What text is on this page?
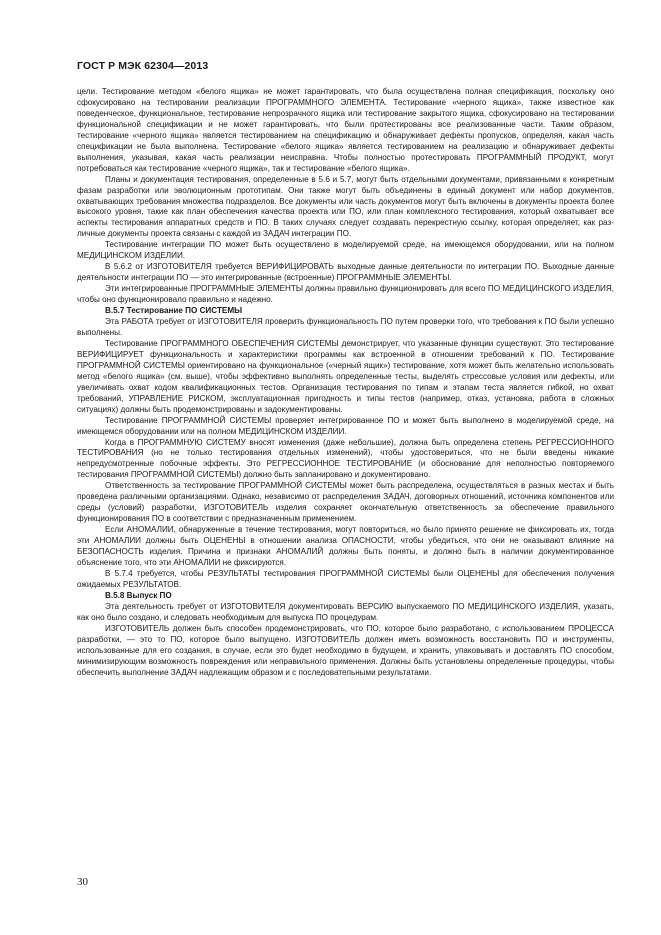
ГОСТ Р МЭК 62304—2013

цели. Тестирование методом «белого ящика» не может гарантировать, что была осуществлена полная спецификация, поскольку оно сфокусировано на тестировании реализации ПРОГРАММНОГО ЭЛЕМЕНТА. Тестирование «черного ящика», также известное как поведенческое, функциональное, тестирование непрозрачного ящика или тестирование закрытого ящика, сфокусировано на тестировании функциональной спецификации и не может гарантировать, что были протестированы все реализованные части. Таким образом, тестирование «черного ящика» является тестированием на спецификацию и обнаруживает дефекты пропусков, определяя, какая часть спецификации не была выполнена. Тестирование «белого ящика» является тестированием на реализацию и обнаруживает дефекты выполнения, указывая, какая часть реализации неисправна. Чтобы полностью протестировать ПРОГРАММНЫЙ ПРОДУКТ, могут потребоваться как тестирование «черного ящика», так и тестирование «белого ящика».

Планы и документация тестирования, определенные в 5.6 и 5.7, могут быть отдельными документами, привязанными к конкретным фазам разработки или эволюционным прототипам. Они также могут быть объединены в единый документ или набор документов, охватывающих требования множества подразделов. Все документы или часть документов могут быть включены в документы проекта более высокого уровня, такие как план обеспечения качества проекта или ПО, или план комплексного тестирования, который охватывает все аспекты тестирования аппаратных средств и ПО. В таких случаях следует создавать перекрестную ссылку, которая определяет, как различные документы проекта связаны с каждой из ЗАДАЧ интеграции ПО.

Тестирование интеграции ПО может быть осуществлено в моделируемой среде, на имеющемся оборудовании, или на полном МЕДИЦИНСКОМ ИЗДЕЛИИ.

В 5.6.2 от ИЗГОТОВИТЕЛЯ требуется ВЕРИФИЦИРОВАТЬ выходные данные деятельности по интеграции ПО. Выходные данные деятельности интеграции ПО — это интегрированные (встроенные) ПРОГРАММНЫЕ ЭЛЕМЕНТЫ.

Эти интегрированные ПРОГРАММНЫЕ ЭЛЕМЕНТЫ должны правильно функционировать для всего ПО МЕДИЦИНСКОГО ИЗДЕЛИЯ, чтобы оно функционировало правильно и надежно.

В.5.7 Тестирование ПО СИСТЕМЫ

Эта РАБОТА требует от ИЗГОТОВИТЕЛЯ проверить функциональность ПО путем проверки того, что требования к ПО были успешно выполнены.

Тестирование ПРОГРАММНОГО ОБЕСПЕЧЕНИЯ СИСТЕМЫ демонстрирует, что указанные функции существуют. Это тестирование ВЕРИФИЦИРУЕТ функциональность и характеристики программы как встроенной в отношении требований к ПО. Тестирование ПРОГРАММНОЙ СИСТЕМЫ ориентировано на функциональное («черный ящик») тестирование, хотя может быть желательно использовать метод «белого ящика» (см. выше), чтобы эффективно выполнять определенные тесты, выделять стрессовые условия или дефекты, или увеличивать охват кодом квалификационных тестов. Организация тестирования по типам и этапам теста является гибкой, но охват требований, УПРАВЛЕНИЕ РИСКОМ, эксплуатационная пригодность и типы тестов (например, отказ, установка, работа в сложных ситуациях) должны быть продемонстрированы и задокументированы.

Тестирование ПРОГРАММНОЙ СИСТЕМЫ проверяет интегрированное ПО и может быть выполнено в моделируемой среде, на имеющемся оборудовании или на полном МЕДИЦИНСКОМ ИЗДЕЛИИ.

Когда в ПРОГРАММНУЮ СИСТЕМУ вносят изменения (даже небольшие), должна быть определена степень РЕГРЕССИОННОГО ТЕСТИРОВАНИЯ (но не только тестирования отдельных изменений), чтобы удостовериться, что не были введены никакие непредусмотренные побочные эффекты. Это РЕГРЕССИОННОЕ ТЕСТИРОВАНИЕ (и обоснование для неполностью повторяемого тестирования ПРОГРАММНОЙ СИСТЕМЫ) должно быть запланировано и документировано.

Ответственность за тестирование ПРОГРАММНОЙ СИСТЕМЫ может быть распределена, осуществляться в разных местах и быть проведена различными организациями. Однако, независимо от распределения ЗАДАЧ, договорных отношений, источника компонентов или среды (условий) разработки, ИЗГОТОВИТЕЛЬ изделия сохраняет окончательную ответственность за обеспечение правильного функционирования ПО в соответствии с предназначенным применением.

Если АНОМАЛИИ, обнаруженные в течение тестирования, могут повториться, но было принято решение не фиксировать их, тогда эти АНОМАЛИИ должны быть ОЦЕНЕНЫ в отношении анализа ОПАСНОСТИ, чтобы убедиться, что они не оказывают влияние на БЕЗОПАСНОСТЬ изделия. Причина и признаки АНОМАЛИЙ должны быть поняты, и должно быть в наличии документированное объяснение того, что эти АНОМАЛИИ не фиксируются.

В 5.7.4 требуется, чтобы РЕЗУЛЬТАТЫ тестирования ПРОГРАММНОЙ СИСТЕМЫ были ОЦЕНЕНЫ для обеспечения получения ожидаемых РЕЗУЛЬТАТОВ.

В.5.8 Выпуск ПО

Эта деятельность требует от ИЗГОТОВИТЕЛЯ документировать ВЕРСИЮ выпускаемого ПО МЕДИЦИНСКОГО ИЗДЕЛИЯ, указать, как оно было создано, и следовать необходимым для выпуска ПО процедурам.

ИЗГОТОВИТЕЛЬ должен быть способен продемонстрировать, что ПО, которое было разработано, с использованием ПРОЦЕССА разработки, — это то ПО, которое было выпущено. ИЗГОТОВИТЕЛЬ должен иметь возможность восстановить ПО и инструменты, использованные для его создания, в случае, если это будет необходимо в будущем, и хранить, упаковывать и доставлять ПО способом, минимизирующим возможность повреждения или неправильного применения. Должны быть установлены определенные процедуры, чтобы обеспечить выполнение ЗАДАЧ надлежащим образом и с последовательными результатами.

30
